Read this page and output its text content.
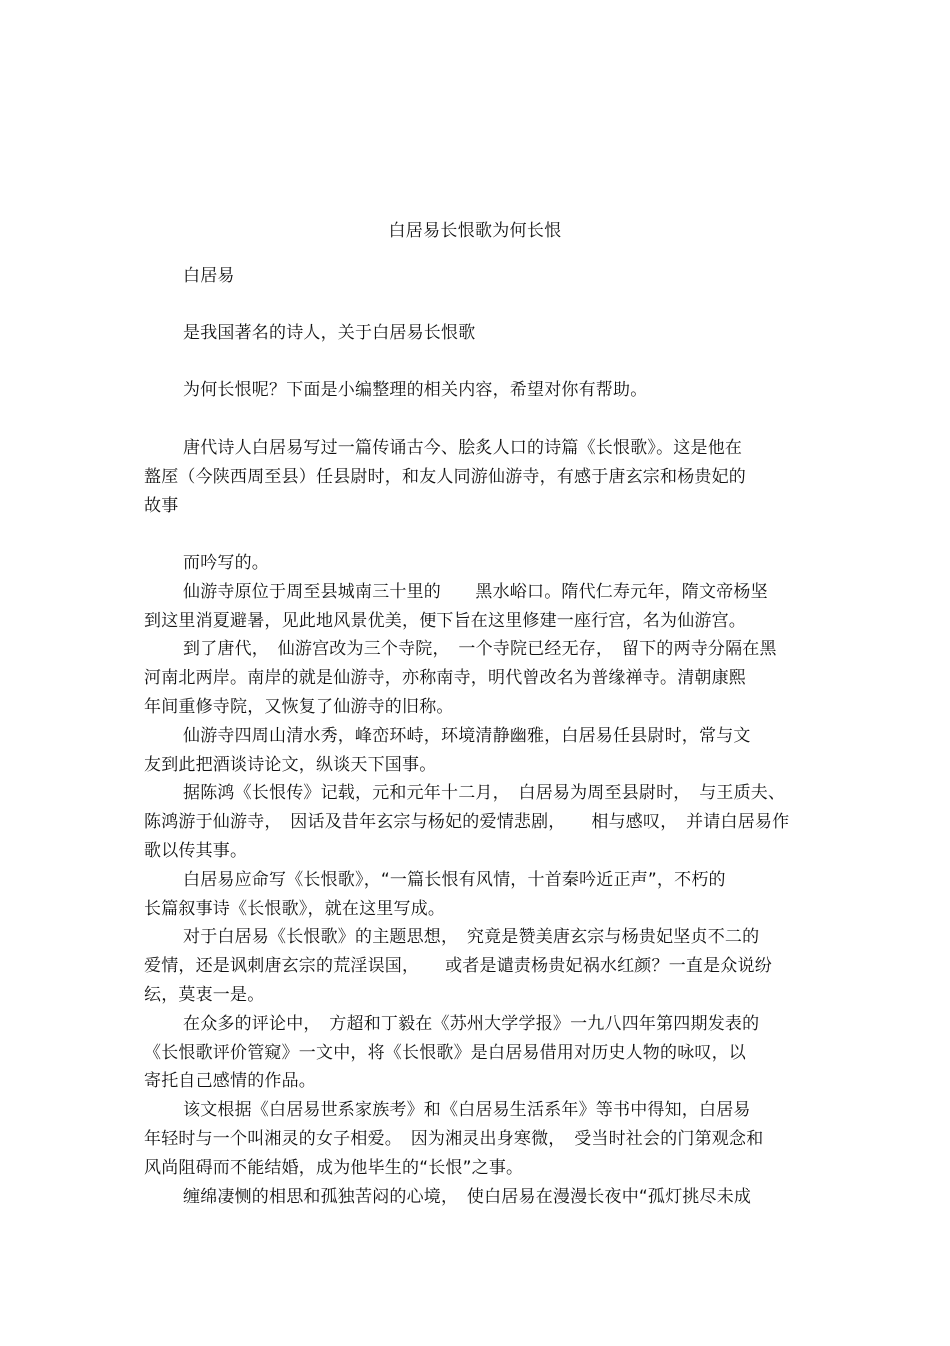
白居易长恨歌为何长恨
白居易
是我国著名的诗人，关于白居易长恨歌
为何长恨呢？下面是小编整理的相关内容，希望对你有帮助。
唐代诗人白居易写过一篇传诵古今、脍炙人口的诗篇《长恨歌》。这是他在
盩厔（今陕西周至县）任县尉时，和友人同游仙游寺，有感于唐玄宗和杨贵妃的
故事
而吟写的。
仙游寺原位于周至县城南三十里的　　黑水峪口。隋代仁寿元年，隋文帝杨坚
到这里消夏避暑，见此地风景优美，便下旨在这里修建一座行宫，名为仙游宫。
到了唐代，　仙游宫改为三个寺院，　一个寺院已经无存，　留下的两寺分隔在黑
河南北两岸。南岸的就是仙游寺，亦称南寺，明代曾改名为普缘禅寺。清朝康熙
年间重修寺院，又恢复了仙游寺的旧称。
仙游寺四周山清水秀，峰峦环峙，环境清静幽雅，白居易任县尉时，常与文
友到此把酒谈诗论文，纵谈天下国事。
据陈鸿《长恨传》记载，元和元年十二月，　白居易为周至县尉时，　与王质夫、
陈鸿游于仙游寺，　因话及昔年玄宗与杨妃的爱情悲剧，　　相与感叹，　并请白居易作
歌以传其事。
白居易应命写《长恨歌》，“一篇长恨有风情，十首秦吟近正声”，不朽的
长篇叙事诗《长恨歌》，就在这里写成。
对于白居易《长恨歌》的主题思想，　究竟是赞美唐玄宗与杨贵妃坚贞不二的
爱情，还是讽刺唐玄宗的荒淫误国，　　或者是谴责杨贵妃祸水红颜？一直是众说纷
纭，莫衷一是。
在众多的评论中，　方超和丁毅在《苏州大学学报》一九八四年第四期发表的
《长恨歌评价管窥》一文中，将《长恨歌》是白居易借用对历史人物的咏叹，以
寄托自己感情的作品。
该文根据《白居易世系家族考》和《白居易生活系年》等书中得知，白居易
年轻时与一个叫湘灵的女子相爱。　因为湘灵出身寒微，　受当时社会的门第观念和
风尚阻碍而不能结婚，成为他毕生的“长恨”之事。
缠绵凄恻的相思和孤独苦闷的心境，　使白居易在漫漫长夜中“孤灯挑尽未成
